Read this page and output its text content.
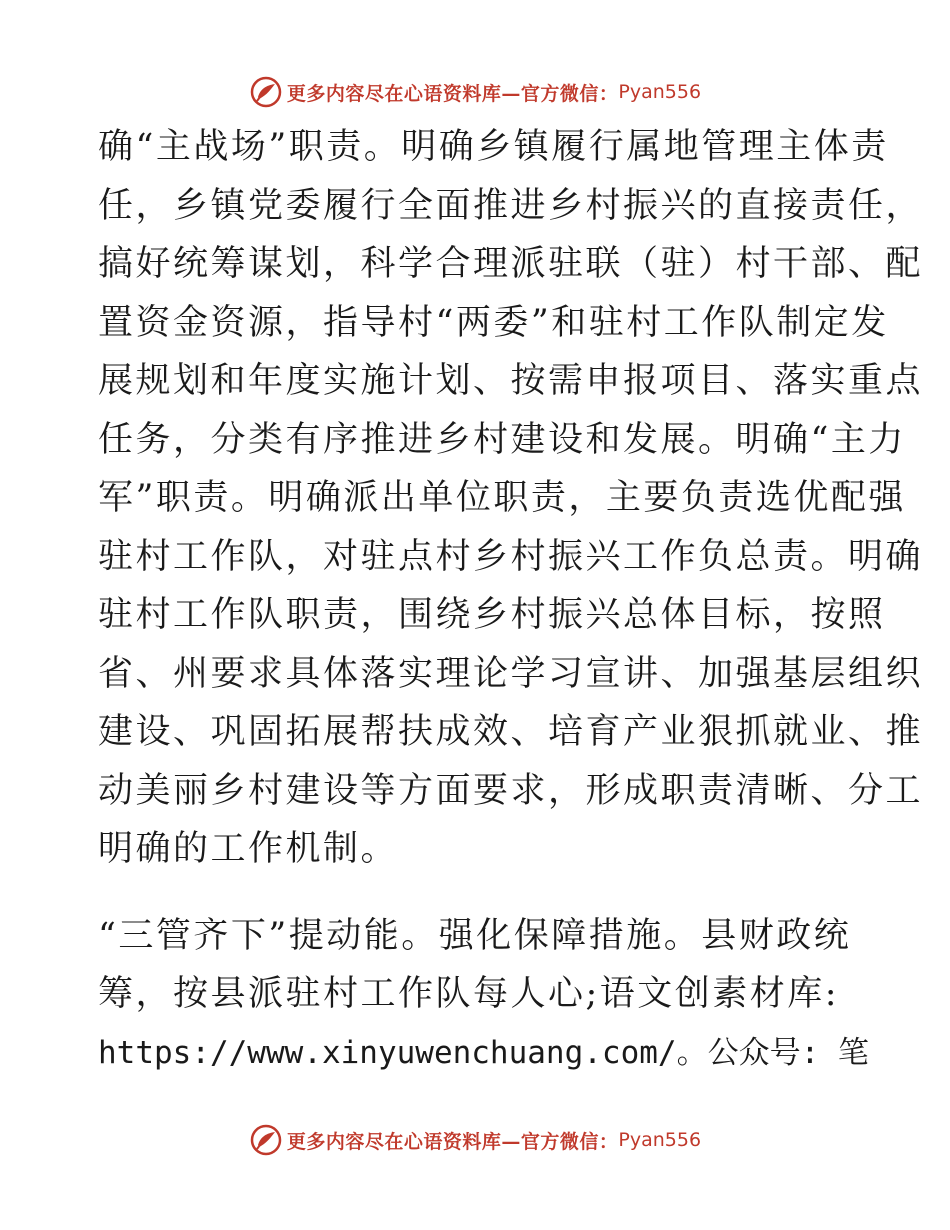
更多内容尽在心语资料库—官方微信： Pyan556
确“主战场”职责。明确乡镇履行属地管理主体责
任，乡镇党委履行全面推进乡村振兴的直接责任，
搞好统筹谋划，科学合理派驻联（驻）村干部、配
置资金资源，指导村“两委”和驻村工作队制定发
展规划和年度实施计划、按需申报项目、落实重点
任务，分类有序推进乡村建设和发展。明确“主力
军”职责。明确派出单位职责，主要负责选优配强
驻村工作队，对驻点村乡村振兴工作负总责。明确
驻村工作队职责，围绕乡村振兴总体目标，按照
省、州要求具体落实理论学习宣讲、加强基层组织
建设、巩固拓展帮扶成效、培育产业狠抓就业、推
动美丽乡村建设等方面要求，形成职责清晰、分工
明确的工作机制。
“三管齐下”提动能。强化保障措施。县财政统
筹，按县派驻村工作队每人心;语文创素材库:
https://www.xinyuwenchuang.com/。公众号: 笔
更多内容尽在心语资料库—官方微信： Pyan556
